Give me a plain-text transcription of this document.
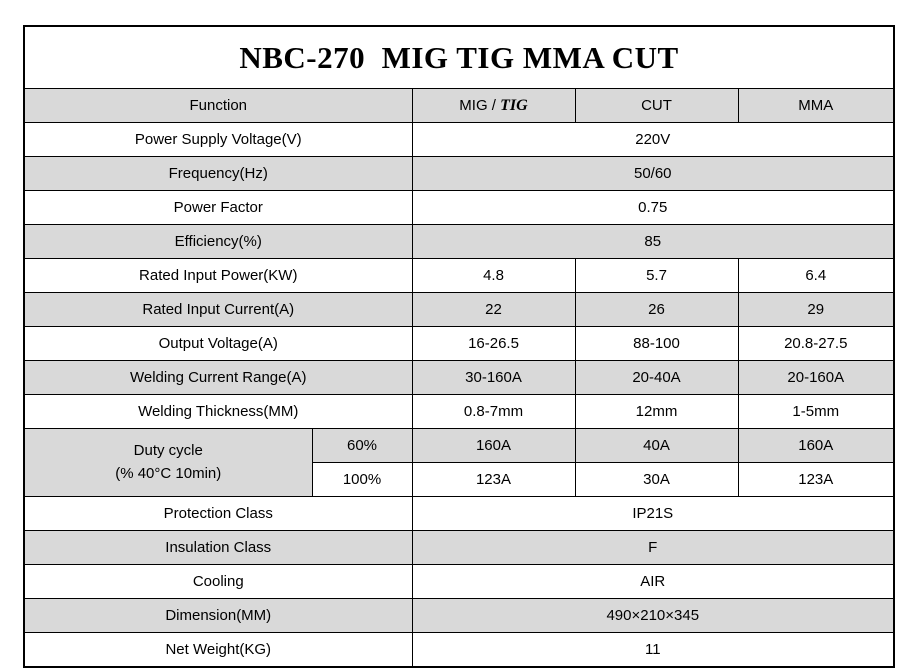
NBC-270  MIG TIG MMA CUT				
Function		MIG / TIG	CUT	MMA
Power Supply Voltage(V)		220V		
Frequency(Hz)		50/60		
Power Factor		0.75		
Efficiency(%)		85		
Rated Input Power(KW)		4.8	5.7	6.4
Rated Input Current(A)		22	26	29
Output Voltage(A)		16-26.5	88-100	20.8-27.5
Welding Current Range(A)		30-160A	20-40A	20-160A
Welding Thickness(MM)		0.8-7mm	12mm	1-5mm

Duty cycle
(% 40°C 10min)	60%	160A	40A	160A
	100%	123A	30A	123A
Protection Class		IP21S		
Insulation Class		F		
Cooling		AIR		
Dimension(MM)		490×210×345		
Net Weight(KG)		11		
